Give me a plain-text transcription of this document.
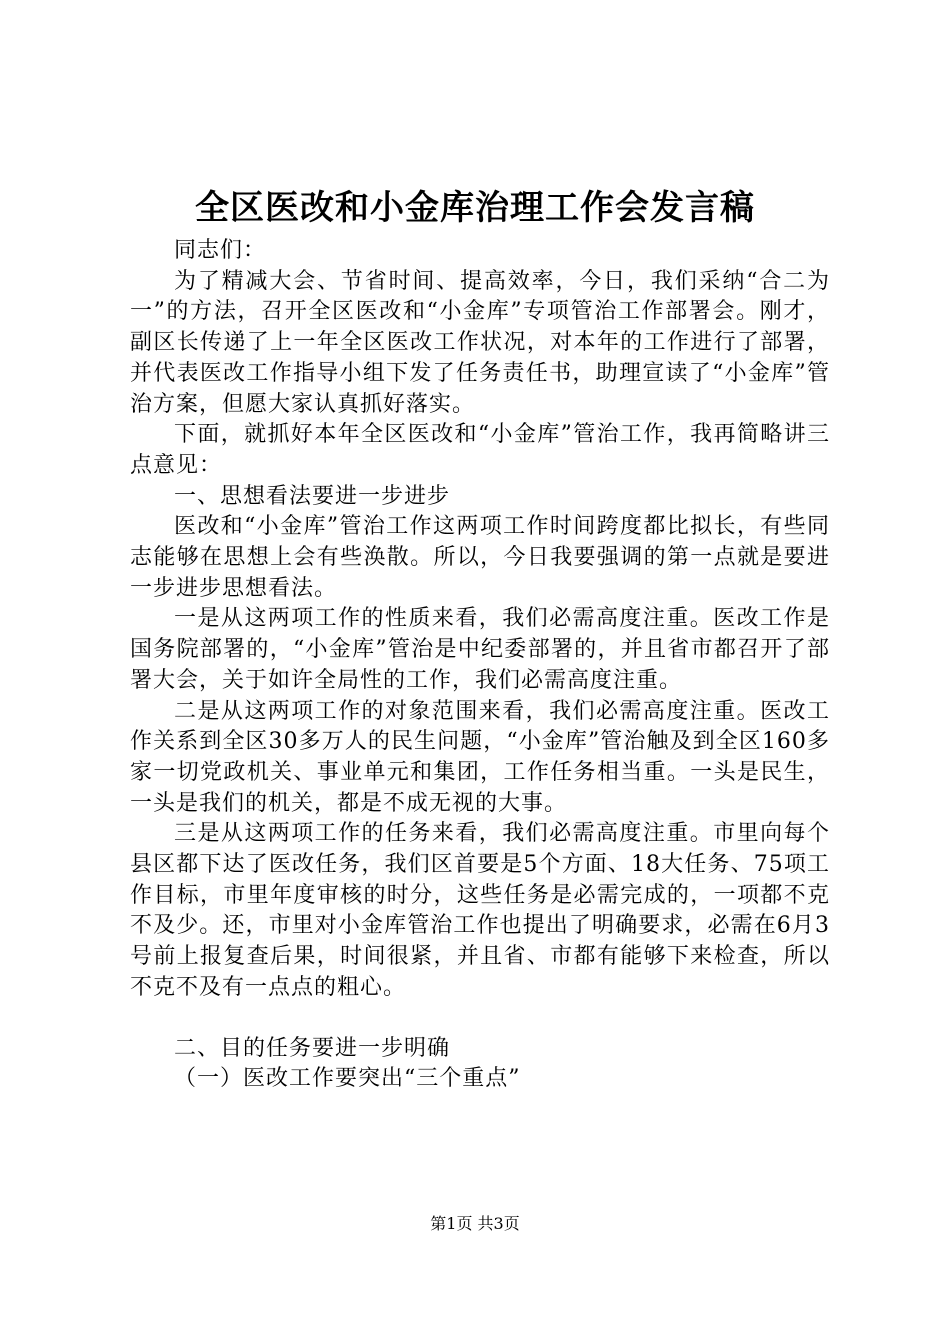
全区医改和小金库治理工作会发言稿

同志们：

为了精减大会、节省时间、提高效率，今日，我们采纳“合二为一”的方法，召开全区医改和“小金库”专项管治工作部署会。刚才，副区长传递了上一年全区医改工作状况，对本年的工作进行了部署，并代表医改工作指导小组下发了任务责任书，助理宣读了“小金库”管治方案，但愿大家认真抓好落实。

下面，就抓好本年全区医改和“小金库”管治工作，我再简略讲三点意见：

一、思想看法要进一步进步

医改和“小金库”管治工作这两项工作时间跨度都比拟长，有些同志能够在思想上会有些涣散。所以，今日我要强调的第一点就是要进一步进步思想看法。

一是从这两项工作的性质来看，我们必需高度注重。医改工作是国务院部署的，“小金库”管治是中纪委部署的，并且省市都召开了部署大会，关于如许全局性的工作，我们必需高度注重。

二是从这两项工作的对象范围来看，我们必需高度注重。医改工作关系到全区30多万人的民生问题，“小金库”管治触及到全区160多家一切党政机关、事业单元和集团，工作任务相当重。一头是民生，一头是我们的机关，都是不成无视的大事。

三是从这两项工作的任务来看，我们必需高度注重。市里向每个县区都下达了医改任务，我们区首要是5个方面、18大任务、75项工作目标，市里年度审核的时分，这些任务是必需完成的，一项都不克不及少。还，市里对小金库管治工作也提出了明确要求，必需在6月3号前上报复查后果，时间很紧，并且省、市都有能够下来检查，所以不克不及有一点点的粗心。

二、目的任务要进一步明确

（一）医改工作要突出“三个重点”

第1页 共3页
